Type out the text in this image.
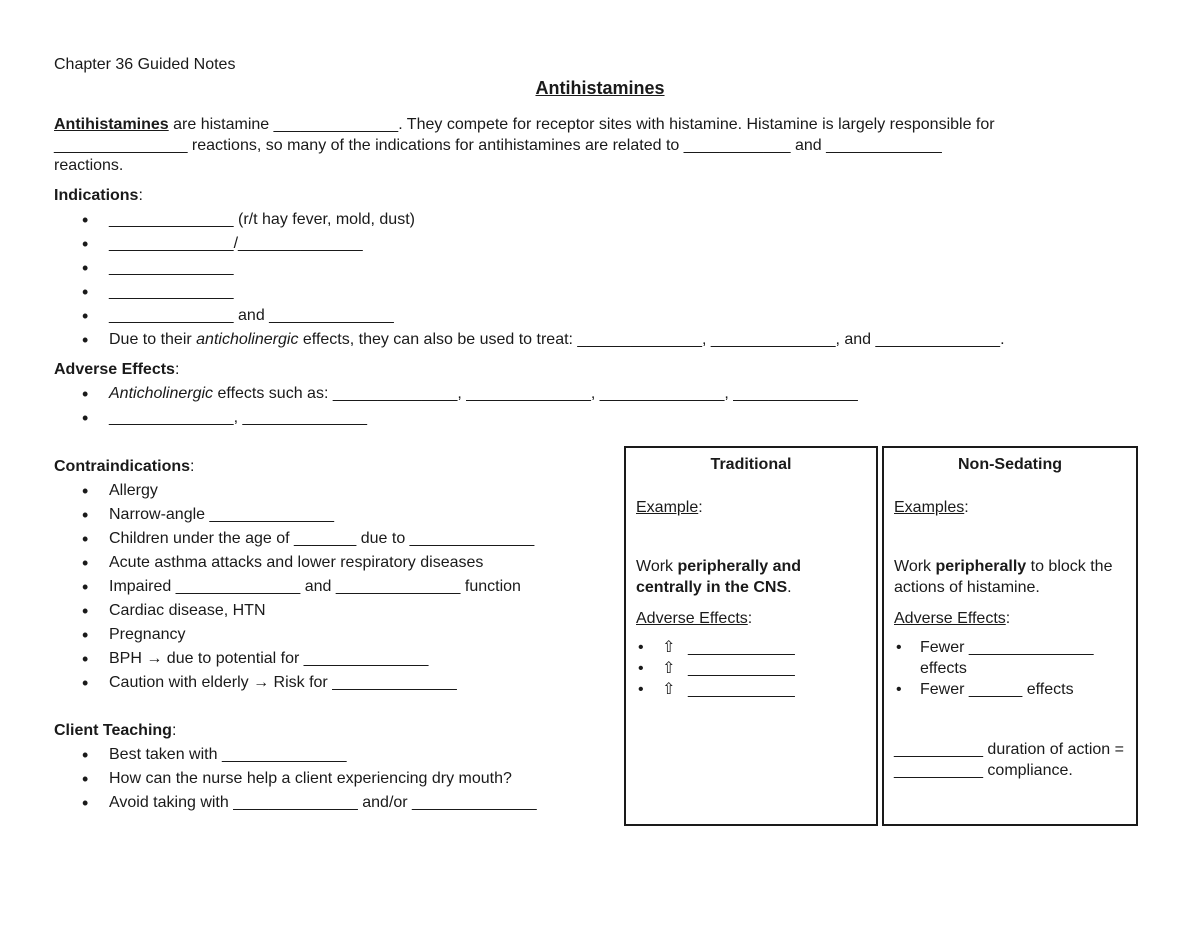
Chapter 36 Guided Notes
Antihistamines
Antihistamines are histamine ______________. They compete for receptor sites with histamine. Histamine is largely responsible for
_______________ reactions, so many of the indications for antihistamines are related to ____________ and _____________
reactions.
Indications:
• ______________ (r/t hay fever, mold, dust)
• ______________/______________
• ______________
• ______________
• ______________ and ______________
• Due to their anticholinergic effects, they can also be used to treat: ______________, ______________, and ______________.
Adverse Effects:
• Anticholinergic effects such as: ______________, ______________, ______________, ______________
• ______________, ______________
Contraindications:
• Allergy
• Narrow-angle ______________
• Children under the age of _______ due to ______________
• Acute asthma attacks and lower respiratory diseases
• Impaired ______________ and ______________ function
• Cardiac disease, HTN
• Pregnancy
• BPH → due to potential for ______________
• Caution with elderly → Risk for ______________
Client Teaching:
• Best taken with ______________
• How can the nurse help a client experiencing dry mouth?
• Avoid taking with ______________ and/or ______________
Traditional
Example:
Work peripherally and centrally in the CNS.
Adverse Effects:
• ⇧ ____________
• ⇧ ____________
• ⇧ ____________
Non-Sedating
Examples:
Work peripherally to block the actions of histamine.
Adverse Effects:
• Fewer ______________ effects
• Fewer ______ effects
__________ duration of action = __________ compliance.
